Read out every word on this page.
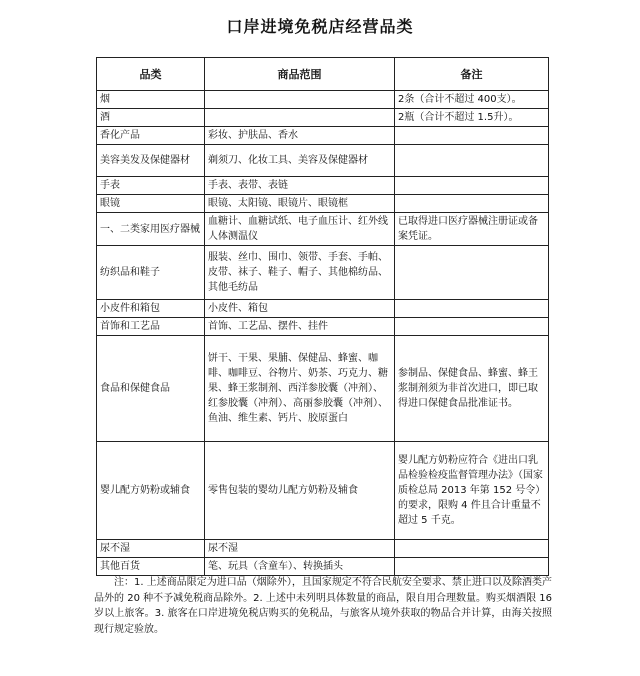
口岸进境免税店经营品类
品类	商品范围	备注
烟		2条（合计不超过 400支）。
酒		2瓶（合计不超过 1.5升）。
香化产品	彩妆、护肤品、香水	
美容美发及保健器材	剃须刀、化妆工具、美容及保健器材	
手表	手表、表带、表链	
眼镜	眼镜、太阳镜、眼镜片、眼镜框	
一、二类家用医疗器械	血糖计、血糖试纸、电子血压计、红外线人体测温仪	已取得进口医疗器械注册证或备案凭证。
纺织品和鞋子	服装、丝巾、围巾、领带、手套、手帕、皮带、袜子、鞋子、帽子、其他棉纺品、其他毛纺品	
小皮件和箱包	小皮件、箱包	
首饰和工艺品	首饰、工艺品、摆件、挂件	
食品和保健食品	饼干、干果、果脯、保健品、蜂蜜、咖啡、咖啡豆、谷物片、奶茶、巧克力、糖果、蜂王浆制剂、西洋参胶囊（冲剂）、红参胶囊（冲剂）、高丽参胶囊（冲剂）、鱼油、维生素、钙片、胶原蛋白	参制品、保健食品、蜂蜜、蜂王浆制剂须为非首次进口，即已取得进口保健食品批准证书。
婴儿配方奶粉或辅食	零售包装的婴幼儿配方奶粉及辅食	婴儿配方奶粉应符合《进出口乳品检验检疫监督管理办法》（国家质检总局 2013 年第 152 号令）的要求，限购 4 件且合计重量不超过 5 千克。
尿不湿	尿不湿	
其他百货	笔、玩具（含童车）、转换插头	
注：1. 上述商品限定为进口品（烟除外），且国家规定不符合民航安全要求、禁止进口以及除酒类产品外的 20 种不予减免税商品除外。2. 上述中未列明具体数量的商品，限自用合理数量。购买烟酒限 16 岁以上旅客。3. 旅客在口岸进境免税店购买的免税品，与旅客从境外获取的物品合并计算，由海关按照现行规定验放。
